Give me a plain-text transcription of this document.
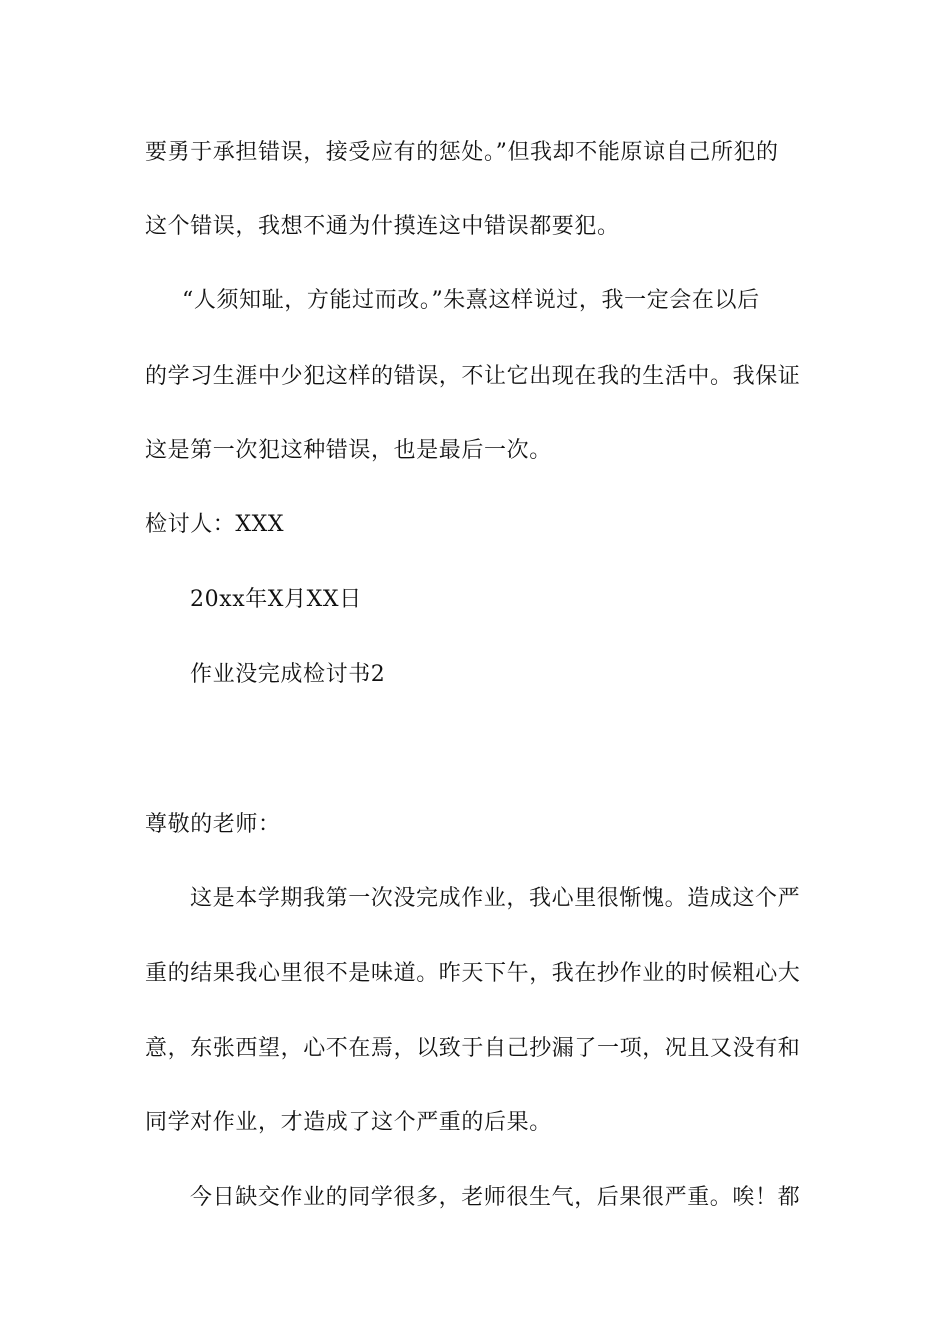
要勇于承担错误，接受应有的惩处。”但我却不能原谅自己所犯的
这个错误，我想不通为什摸连这中错误都要犯。
“人须知耻，方能过而改。”朱熹这样说过，我一定会在以后
的学习生涯中少犯这样的错误，不让它出现在我的生活中。我保证
这是第一次犯这种错误，也是最后一次。
检讨人：XXX
20xx年X月XX日
作业没完成检讨书2
尊敬的老师：
这是本学期我第一次没完成作业，我心里很惭愧。造成这个严
重的结果我心里很不是味道。昨天下午，我在抄作业的时候粗心大
意，东张西望，心不在焉，以致于自己抄漏了一项，况且又没有和
同学对作业，才造成了这个严重的后果。
今日缺交作业的同学很多，老师很生气，后果很严重。唉！都
